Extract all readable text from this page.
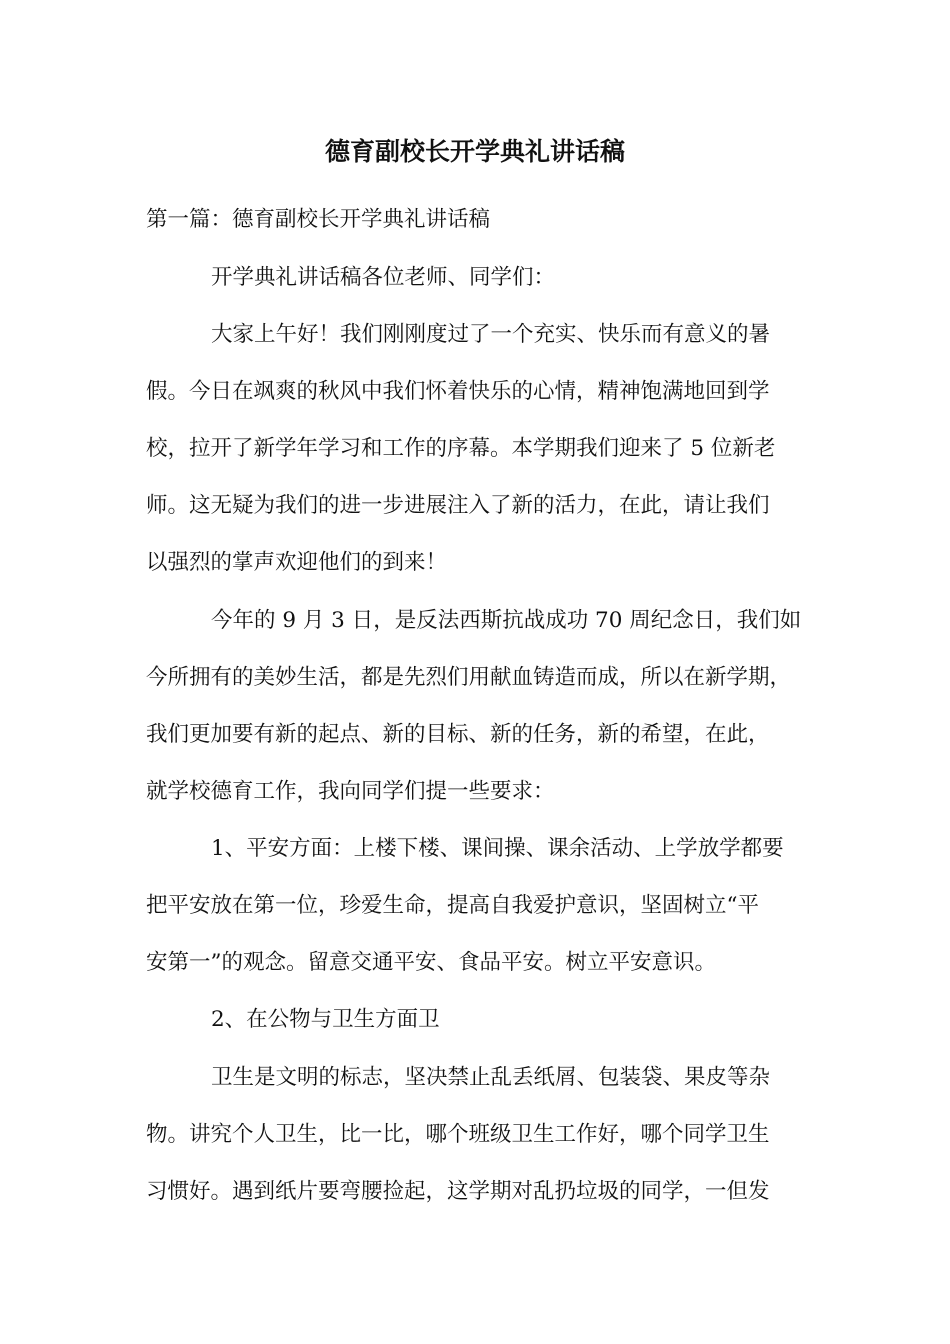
德育副校长开学典礼讲话稿

第一篇：德育副校长开学典礼讲话稿

开学典礼讲话稿各位老师、同学们：

大家上午好！我们刚刚度过了一个充实、快乐而有意义的暑

假。今日在飒爽的秋风中我们怀着快乐的心情，精神饱满地回到学

校，拉开了新学年学习和工作的序幕。本学期我们迎来了 5 位新老

师。这无疑为我们的进一步进展注入了新的活力，在此，请让我们

以强烈的掌声欢迎他们的到来！

今年的 9 月 3 日，是反法西斯抗战成功 70 周纪念日，我们如

今所拥有的美妙生活，都是先烈们用献血铸造而成，所以在新学期，

我们更加要有新的起点、新的目标、新的任务，新的希望，在此，

就学校德育工作，我向同学们提一些要求：

1、平安方面：上楼下楼、课间操、课余活动、上学放学都要

把平安放在第一位，珍爱生命，提高自我爱护意识，坚固树立“平

安第一”的观念。留意交通平安、食品平安。树立平安意识。

2、在公物与卫生方面卫

卫生是文明的标志，坚决禁止乱丢纸屑、包装袋、果皮等杂

物。讲究个人卫生，比一比，哪个班级卫生工作好，哪个同学卫生

习惯好。遇到纸片要弯腰捡起，这学期对乱扔垃圾的同学，一但发
